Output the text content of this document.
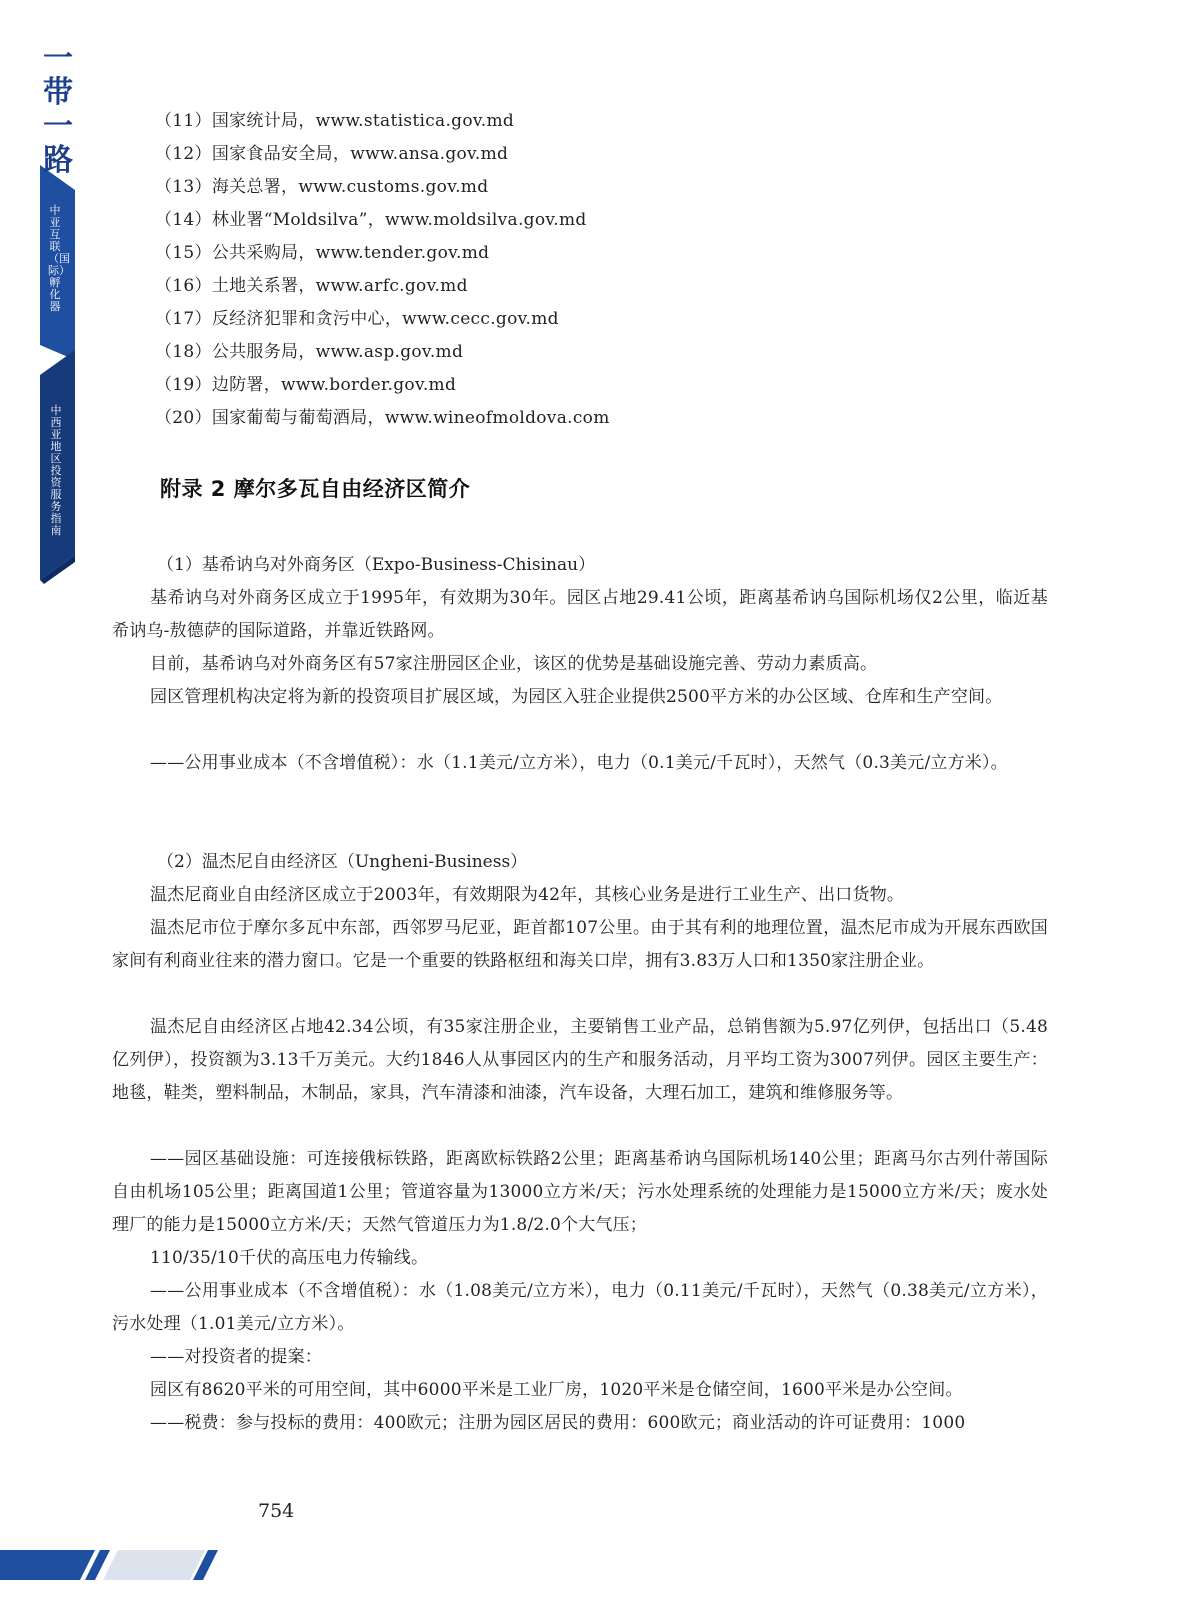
一带一路
中亚互联（国际）孵化器
中西亚地区投资服务指南
（11）国家统计局，www.statistica.gov.md
（12）国家食品安全局，www.ansa.gov.md
（13）海关总署，www.customs.gov.md
（14）林业署“Moldsilva”，www.moldsilva.gov.md
（15）公共采购局，www.tender.gov.md
（16）土地关系署，www.arfc.gov.md
（17）反经济犯罪和贪污中心，www.cecc.gov.md
（18）公共服务局，www.asp.gov.md
（19）边防署，www.border.gov.md
（20）国家葡萄与葡萄酒局，www.wineofmoldova.com
附录 2 摩尔多瓦自由经济区简介

（1）基希讷乌对外商务区（Expo-Business-Chisinau）

基希讷乌对外商务区成立于1995年，有效期为30年。园区占地29.41公顷，距离基希讷乌国际机场仅2公里，临近基希讷乌-敖德萨的国际道路，并靠近铁路网。

目前，基希讷乌对外商务区有57家注册园区企业，该区的优势是基础设施完善、劳动力素质高。

园区管理机构决定将为新的投资项目扩展区域，为园区入驻企业提供2500平方米的办公区域、仓库和生产空间。

——公用事业成本（不含增值税）：水（1.1美元/立方米），电力（0.1美元/千瓦时），天然气（0.3美元/立方米）。

（2）温杰尼自由经济区（Ungheni-Business）

温杰尼商业自由经济区成立于2003年，有效期限为42年，其核心业务是进行工业生产、出口货物。

温杰尼市位于摩尔多瓦中东部，西邻罗马尼亚，距首都107公里。由于其有利的地理位置，温杰尼市成为开展东西欧国家间有利商业往来的潜力窗口。它是一个重要的铁路枢纽和海关口岸，拥有3.83万人口和1350家注册企业。

温杰尼自由经济区占地42.34公顷，有35家注册企业，主要销售工业产品，总销售额为5.97亿列伊，包括出口（5.48亿列伊），投资额为3.13千万美元。大约1846人从事园区内的生产和服务活动，月平均工资为3007列伊。园区主要生产：地毯，鞋类，塑料制品，木制品，家具，汽车清漆和油漆，汽车设备，大理石加工，建筑和维修服务等。

——园区基础设施：可连接俄标铁路，距离欧标铁路2公里；距离基希讷乌国际机场140公里；距离马尔古列什蒂国际自由机场105公里；距离国道1公里；管道容量为13000立方米/天；污水处理系统的处理能力是15000立方米/天；废水处理厂的能力是15000立方米/天；天然气管道压力为1.8/2.0个大气压；

110/35/10千伏的高压电力传输线。

——公用事业成本（不含增值税）：水（1.08美元/立方米），电力（0.11美元/千瓦时），天然气（0.38美元/立方米），污水处理（1.01美元/立方米）。

——对投资者的提案：

园区有8620平米的可用空间，其中6000平米是工业厂房，1020平米是仓储空间，1600平米是办公空间。

——税费：参与投标的费用：400欧元；注册为园区居民的费用：600欧元；商业活动的许可证费用：1000

754
